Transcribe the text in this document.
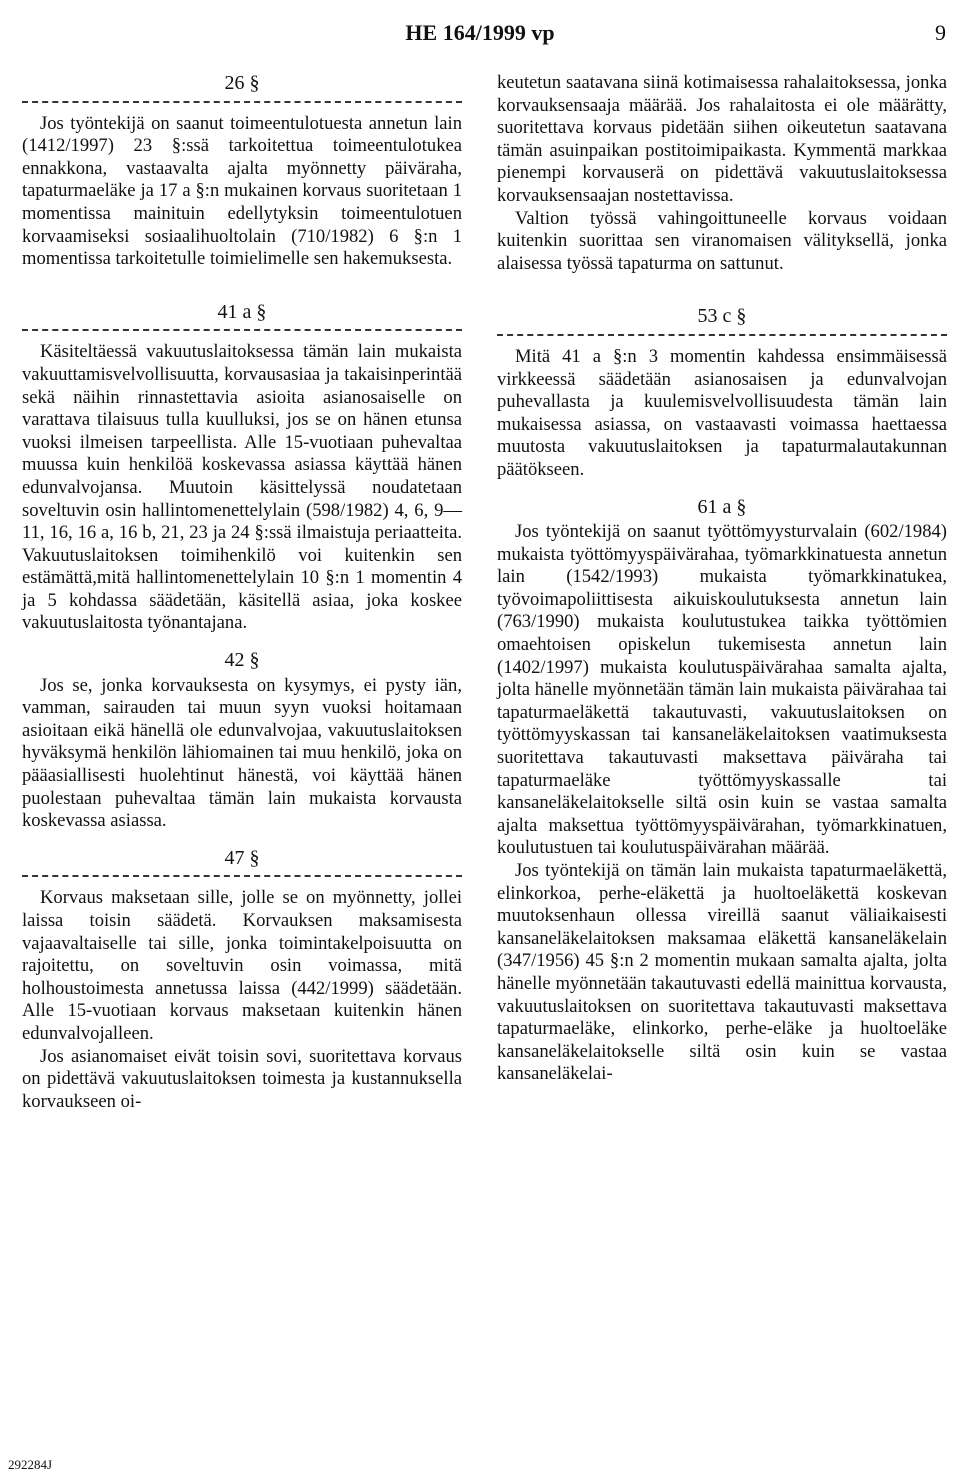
HE 164/1999 vp	9
26 §

Jos työntekijä on saanut toimeentulotuesta annetun lain (1412/1997) 23 §:ssä tarkoitettua toimeentulotukea ennakkona, vastaavalta ajalta myönnetty päiväraha, tapaturmaeläke ja 17 a §:n mukainen korvaus suoritetaan 1 momentissa mainituin edellytyksin toimeentulotuen korvaamiseksi sosiaalihuoltolain (710/1982) 6 §:n 1 momentissa tarkoitetulle toimielimelle sen hakemuksesta.

41 a §

Käsiteltäessä vakuutuslaitoksessa tämän lain mukaista vakuuttamisvelvollisuutta, korvausasiaa ja takaisinperintää sekä näihin rinnastettavia asioita asianosaiselle on varattava tilaisuus tulla kuulluksi, jos se on hänen etunsa vuoksi ilmeisen tarpeellista. Alle 15-vuotiaan puhevaltaa muussa kuin henkilöä koskevassa asiassa käyttää hänen edunvalvojansa. Muutoin käsittelyssä noudatetaan soveltuvin osin hallintomenettelylain (598/1982) 4, 6, 9—11, 16, 16 a, 16 b, 21, 23 ja 24 §:ssä ilmaistuja periaatteita. Vakuutuslaitoksen toimihenkilö voi kuitenkin sen estämättä,mitä hallintomenettelylain 10 §:n 1 momentin 4 ja 5 kohdassa säädetään, käsitellä asiaa, joka koskee vakuutuslaitosta työnantajana.

42 §

Jos se, jonka korvauksesta on kysymys, ei pysty iän, vamman, sairauden tai muun syyn vuoksi hoitamaan asioitaan eikä hänellä ole edunvalvojaa, vakuutuslaitoksen hyväksymä henkilön lähiomainen tai muu henkilö, joka on pääasiallisesti huolehtinut hänestä, voi käyttää hänen puolestaan puhevaltaa tämän lain mukaista korvausta koskevassa asiassa.

47 §

Korvaus maksetaan sille, jolle se on myönnetty, jollei laissa toisin säädetä. Korvauksen maksamisesta vajaavaltaiselle tai sille, jonka toimintakelpoisuutta on rajoitettu, on soveltuvin osin voimassa, mitä holhoustoimesta annetussa laissa (442/1999) säädetään. Alle 15-vuotiaan korvaus maksetaan kuitenkin hänen edunvalvojalleen.

Jos asianomaiset eivät toisin sovi, suoritettava korvaus on pidettävä vakuutuslaitoksen toimesta ja kustannuksella korvaukseen oi-

keutetun saatavana siinä kotimaisessa rahalaitoksessa, jonka korvauksensaaja määrää. Jos rahalaitosta ei ole määrätty, suoritettava korvaus pidetään siihen oikeutetun saatavana tämän asuinpaikan postitoimipaikasta. Kymmentä markkaa pienempi korvauserä on pidettävä vakuutuslaitoksessa korvauksensaajan nostettavissa.

Valtion työssä vahingoittuneelle korvaus voidaan kuitenkin suorittaa sen viranomaisen välityksellä, jonka alaisessa työssä tapaturma on sattunut.

53 c §

Mitä 41 a §:n 3 momentin kahdessa ensimmäisessä virkkeessä säädetään asianosaisen ja edunvalvojan puhevallasta ja kuulemisvelvollisuudesta tämän lain mukaisessa asiassa, on vastaavasti voimassa haettaessa muutosta vakuutuslaitoksen ja tapaturmalautakunnan päätökseen.

61 a §

Jos työntekijä on saanut työttömyysturvalain (602/1984) mukaista työttömyyspäivärahaa, työmarkkinatuesta annetun lain (1542/1993) mukaista työmarkkinatukea, työvoimapoliittisesta aikuiskoulutuksesta annetun lain (763/1990) mukaista koulutustukea taikka työttömien omaehtoisen opiskelun tukemisesta annetun lain (1402/1997) mukaista koulutuspäivärahaa samalta ajalta, jolta hänelle myönnetään tämän lain mukaista päivärahaa tai tapaturmaeläkettä takautuvasti, vakuutuslaitoksen on työttömyyskassan tai kansaneläkelaitoksen vaatimuksesta suoritettava takautuvasti maksettava päiväraha tai tapaturmaeläke työttömyyskassalle tai kansaneläkelaitokselle siltä osin kuin se vastaa samalta ajalta maksettua työttömyyspäivärahan, työmarkkinatuen, koulutustuen tai koulutuspäivärahan määrää.

Jos työntekijä on tämän lain mukaista tapaturmaeläkettä, elinkorkoa, perhe-eläkettä ja huoltoeläkettä koskevan muutoksenhaun ollessa vireillä saanut väliaikaisesti kansaneläkelaitoksen maksamaa eläkettä kansaneläkelain (347/1956) 45 §:n 2 momentin mukaan samalta ajalta, jolta hänelle myönnetään takautuvasti edellä mainittua korvausta, vakuutuslaitoksen on suoritettava takautuvasti maksettava tapaturmaeläke, elinkorko, perhe-eläke ja huoltoeläke kansaneläkelaitokselle siltä osin kuin se vastaa kansaneläkelai-

292284J
